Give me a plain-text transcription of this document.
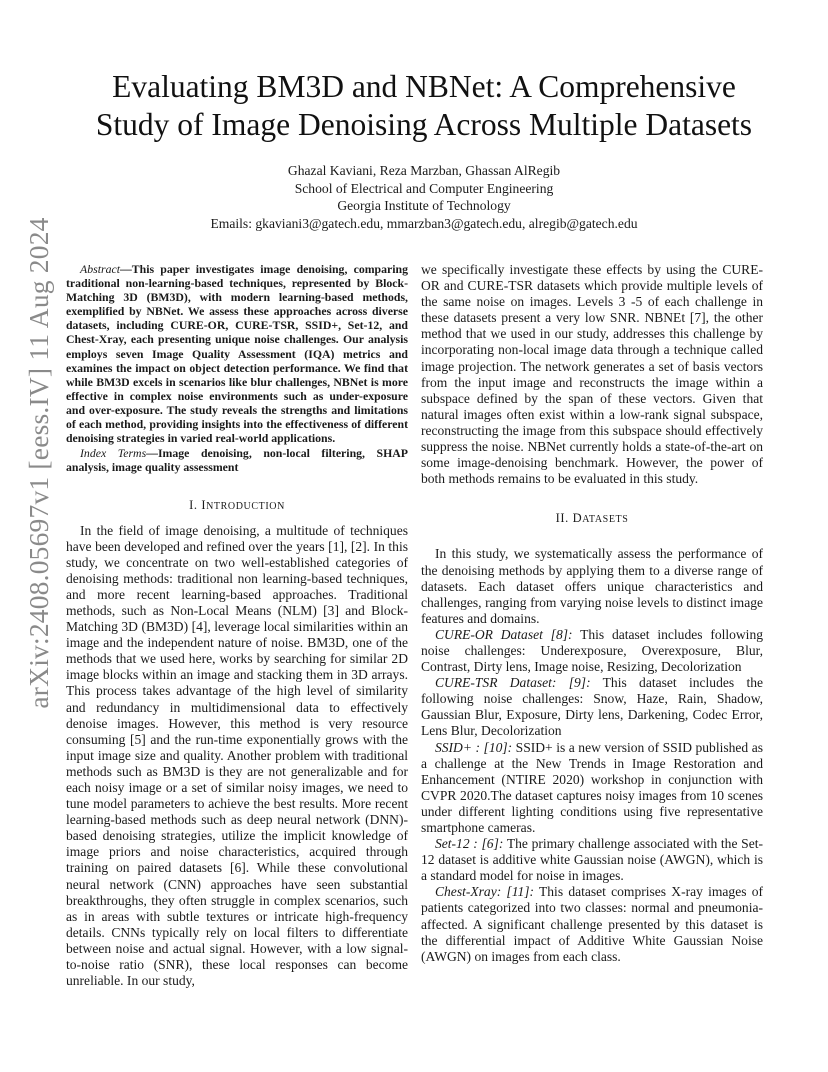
arXiv:2408.05697v1 [eess.IV] 11 Aug 2024
Evaluating BM3D and NBNet: A Comprehensive
Study of Image Denoising Across Multiple Datasets
Ghazal Kaviani, Reza Marzban, Ghassan AlRegib
School of Electrical and Computer Engineering
Georgia Institute of Technology
Emails: gkaviani3@gatech.edu, mmarzban3@gatech.edu, alregib@gatech.edu

Abstract—This paper investigates image denoising, comparing traditional non-learning-based techniques, represented by Block-Matching 3D (BM3D), with modern learning-based methods, exemplified by NBNet. We assess these approaches across diverse datasets, including CURE-OR, CURE-TSR, SSID+, Set-12, and Chest-Xray, each presenting unique noise challenges. Our analysis employs seven Image Quality Assessment (IQA) metrics and examines the impact on object detection performance. We find that while BM3D excels in scenarios like blur challenges, NBNet is more effective in complex noise environments such as under-exposure and over-exposure. The study reveals the strengths and limitations of each method, providing insights into the effectiveness of different denoising strategies in varied real-world applications.

Index Terms—Image denoising, non-local filtering, SHAP analysis, image quality assessment

I. INTRODUCTION

In the field of image denoising, a multitude of techniques have been developed and refined over the years [1], [2]. In this study, we concentrate on two well-established categories of denoising methods: traditional non learning-based techniques, and more recent learning-based approaches. Traditional methods, such as Non-Local Means (NLM) [3] and Block-Matching 3D (BM3D) [4], leverage local similarities within an image and the independent nature of noise. BM3D, one of the methods that we used here, works by searching for similar 2D image blocks within an image and stacking them in 3D arrays. This process takes advantage of the high level of similarity and redundancy in multidimensional data to effectively denoise images. However, this method is very resource consuming [5] and the run-time exponentially grows with the input image size and quality. Another problem with traditional methods such as BM3D is they are not generalizable and for each noisy image or a set of similar noisy images, we need to tune model parameters to achieve the best results. More recent learning-based methods such as deep neural network (DNN)-based denoising strategies, utilize the implicit knowledge of image priors and noise characteristics, acquired through training on paired datasets [6]. While these convolutional neural network (CNN) approaches have seen substantial breakthroughs, they often struggle in complex scenarios, such as in areas with subtle textures or intricate high-frequency details. CNNs typically rely on local filters to differentiate between noise and actual signal. However, with a low signal-to-noise ratio (SNR), these local responses can become unreliable. In our study,

we specifically investigate these effects by using the CURE-OR and CURE-TSR datasets which provide multiple levels of the same noise on images. Levels 3 -5 of each challenge in these datasets present a very low SNR. NBNEt [7], the other method that we used in our study, addresses this challenge by incorporating non-local image data through a technique called image projection. The network generates a set of basis vectors from the input image and reconstructs the image within a subspace defined by the span of these vectors. Given that natural images often exist within a low-rank signal subspace, reconstructing the image from this subspace should effectively suppress the noise. NBNet currently holds a state-of-the-art on some image-denoising benchmark. However, the power of both methods remains to be evaluated in this study.

II. DATASETS

In this study, we systematically assess the performance of the denoising methods by applying them to a diverse range of datasets. Each dataset offers unique characteristics and challenges, ranging from varying noise levels to distinct image features and domains.

CURE-OR Dataset [8]: This dataset includes following noise challenges: Underexposure, Overexposure, Blur, Contrast, Dirty lens, Image noise, Resizing, Decolorization

CURE-TSR Dataset: [9]: This dataset includes the following noise challenges: Snow, Haze, Rain, Shadow, Gaussian Blur, Exposure, Dirty lens, Darkening, Codec Error, Lens Blur, Decolorization

SSID+ : [10]: SSID+ is a new version of SSID published as a challenge at the New Trends in Image Restoration and Enhancement (NTIRE 2020) workshop in conjunction with CVPR 2020.The dataset captures noisy images from 10 scenes under different lighting conditions using five representative smartphone cameras.

Set-12 : [6]: The primary challenge associated with the Set-12 dataset is additive white Gaussian noise (AWGN), which is a standard model for noise in images.

Chest-Xray: [11]: This dataset comprises X-ray images of patients categorized into two classes: normal and pneumonia-affected. A significant challenge presented by this dataset is the differential impact of Additive White Gaussian Noise (AWGN) on images from each class.
